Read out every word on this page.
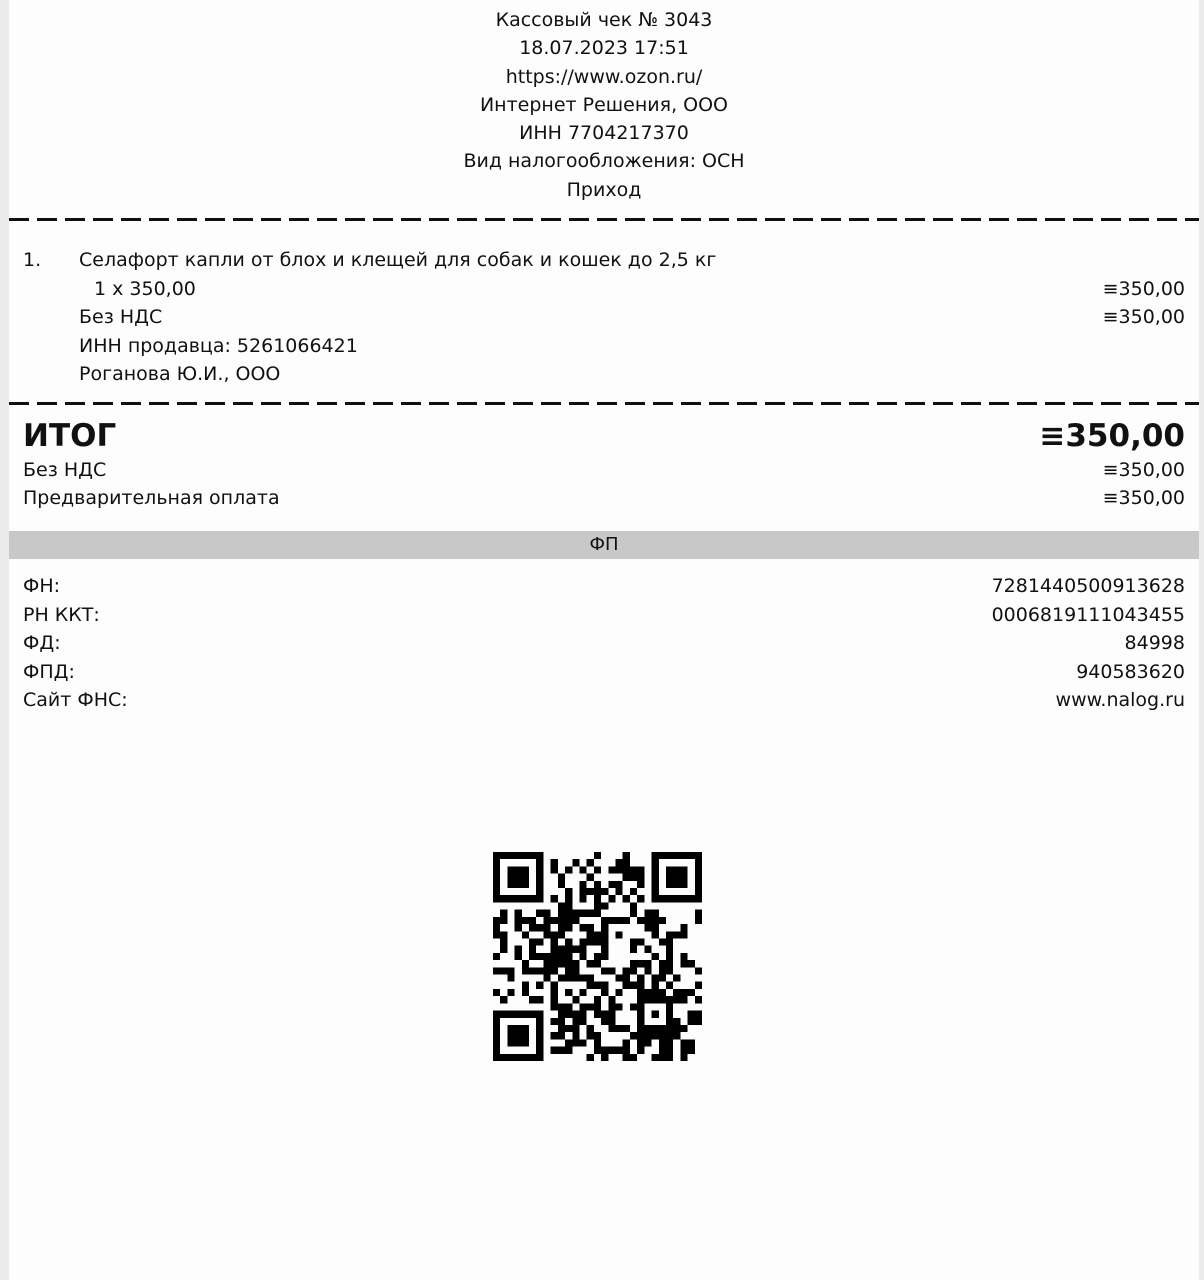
Кассовый чек № 3043
18.07.2023 17:51
https://www.ozon.ru/
Интернет Решения, ООО
ИНН 7704217370
Вид налогообложения: ОСН
Приход
1. Селафорт капли от блох и клещей для собак и кошек до 2,5 кг
1 x 350,00	≡350,00
Без НДС	≡350,00
ИНН продавца: 5261066421
Роганова Ю.И., ООО
ИТОГ	≡350,00
Без НДС	≡350,00
Предварительная оплата	≡350,00
ФП
ФН:	7281440500913628
РН ККТ:	0006819111043455
ФД:	84998
ФПД:	940583620
Сайт ФНС:	www.nalog.ru
